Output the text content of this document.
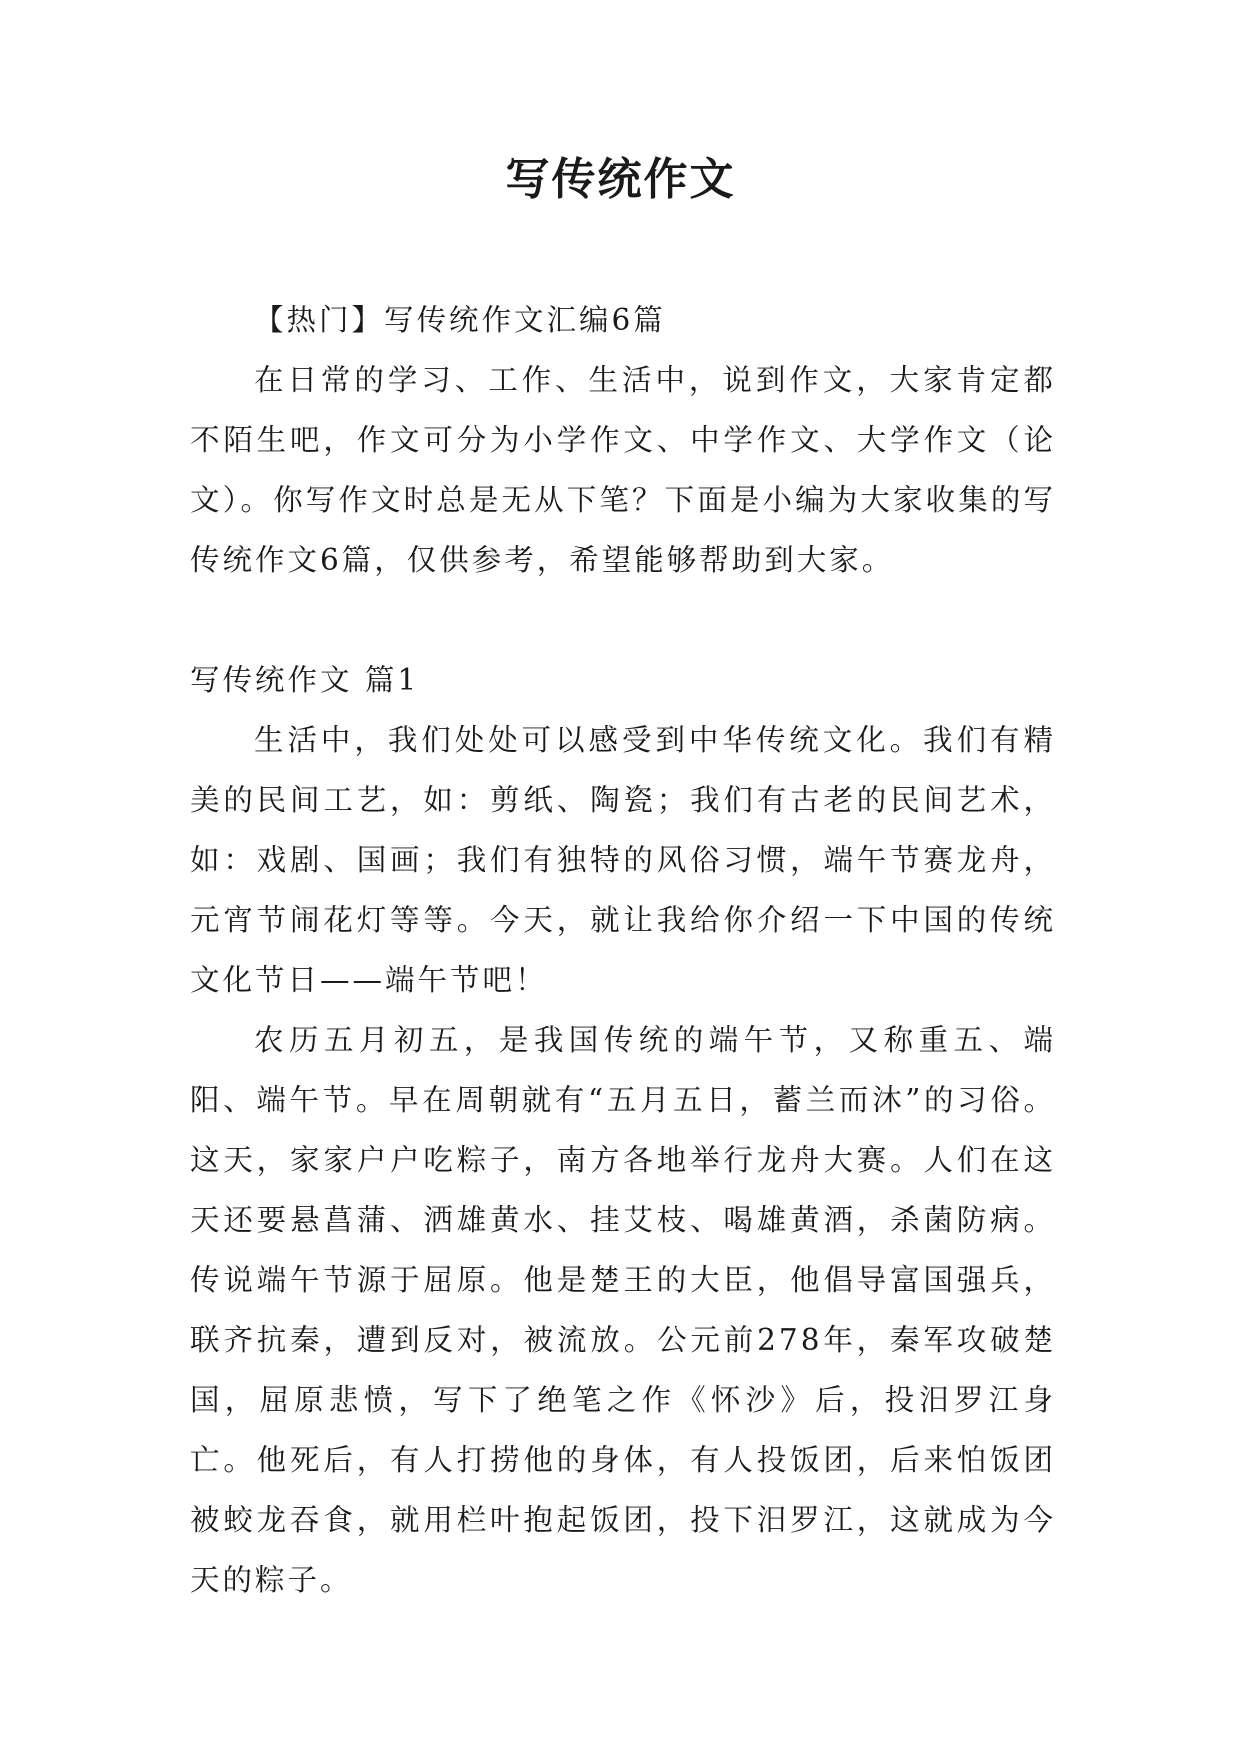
写传统作文

【热门】写传统作文汇编6篇

在日常的学习、工作、生活中，说到作文，大家肯定都不陌生吧，作文可分为小学作文、中学作文、大学作文（论文）。你写作文时总是无从下笔？下面是小编为大家收集的写传统作文6篇，仅供参考，希望能够帮助到大家。

写传统作文 篇1

生活中，我们处处可以感受到中华传统文化。我们有精美的民间工艺，如：剪纸、陶瓷；我们有古老的民间艺术，如：戏剧、国画；我们有独特的风俗习惯，端午节赛龙舟，元宵节闹花灯等等。今天，就让我给你介绍一下中国的传统文化节日——端午节吧！

农历五月初五，是我国传统的端午节，又称重五、端阳、端午节。早在周朝就有“五月五日，蓄兰而沐”的习俗。这天，家家户户吃粽子，南方各地举行龙舟大赛。人们在这天还要悬菖蒲、洒雄黄水、挂艾枝、喝雄黄酒，杀菌防病。传说端午节源于屈原。他是楚王的大臣，他倡导富国强兵，联齐抗秦，遭到反对，被流放。公元前278年，秦军攻破楚国，屈原悲愤，写下了绝笔之作《怀沙》后，投汨罗江身亡。他死后，有人打捞他的身体，有人投饭团，后来怕饭团被蛟龙吞食，就用栏叶抱起饭团，投下汨罗江，这就成为今天的粽子。
